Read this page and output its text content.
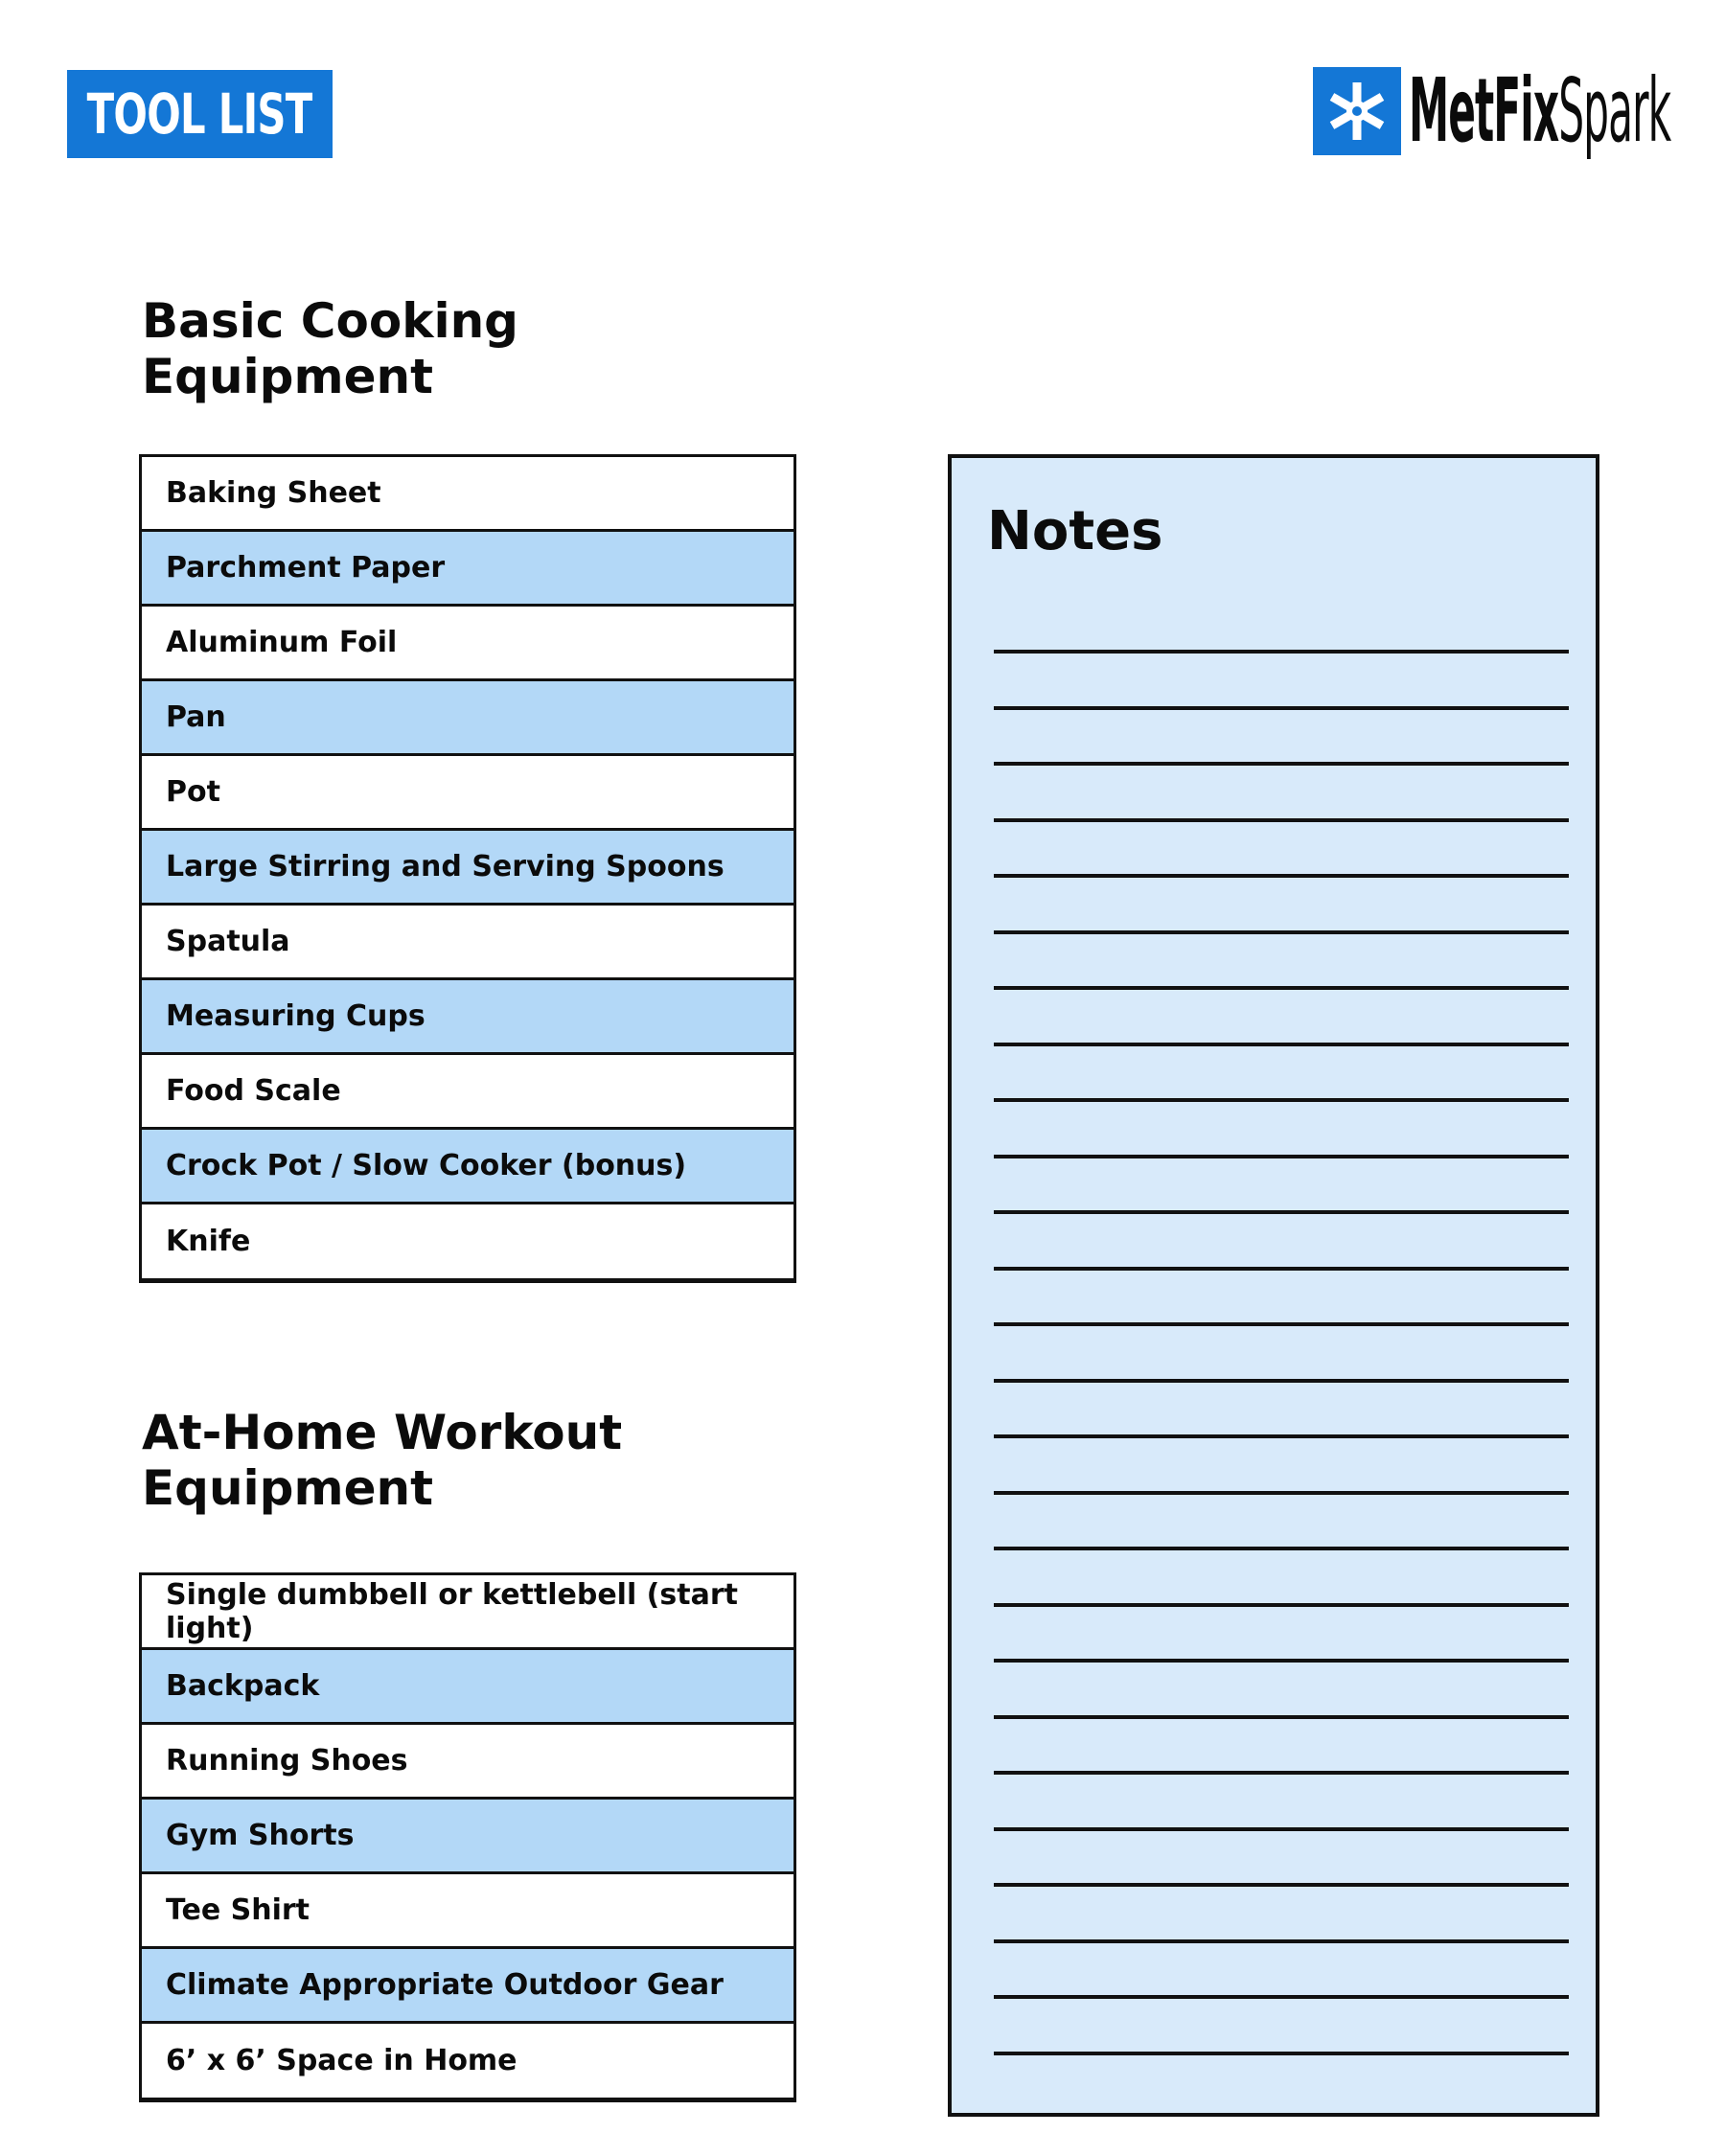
TOOL LIST	MetFixSpark
Basic Cooking
Equipment
Baking Sheet
Parchment Paper
Aluminum Foil
Pan
Pot
Large Stirring and Serving Spoons
Spatula
Measuring Cups
Food Scale
Crock Pot / Slow Cooker (bonus)
Knife
At-Home Workout
Equipment
Single dumbbell or kettlebell (start light)
Backpack
Running Shoes
Gym Shorts
Tee Shirt
Climate Appropriate Outdoor Gear
6’ x 6’ Space in Home
Notes
